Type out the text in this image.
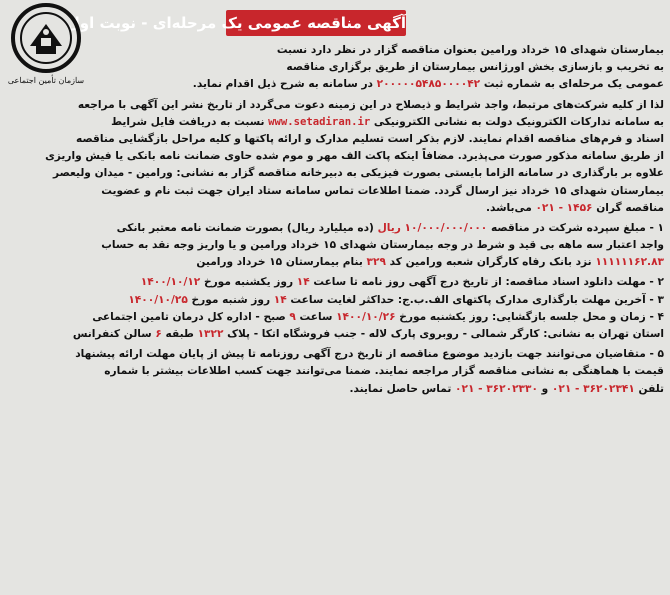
آگهی مناقصه عمومی یک مرحله‌ای - نوبت اول
سازمان تأمین اجتماعی
بیمارستان شهدای ۱۵ خرداد ورامین بعنوان مناقصه گزار در نظر دارد نسبت
به تخریب و بازسازی بخش اورژانس بیمارستان از طریق برگزاری مناقصه
عمومی یک مرحله‌ای به شماره ثبت ۲۰۰۰۰۰۵۴۸۵۰۰۰۰۴۲ در سامانه به شرح ذیل اقدام نماید.
لذا از کلیه شرکت‌های مرتبط، واجد شرایط و ذیصلاح در این زمینه دعوت می‌گردد از تاریخ نشر این آگهی با مراجعه
به سامانه تدارکات الکترونیک دولت به نشانی الکترونیکی www.setadiran.ir نسبت به دریافت فایل شرایط
اسناد و فرم‌های مناقصه اقدام نمایند. لازم بذکر است تسلیم مدارک و ارائه پاکتها و کلیه مراحل بازگشایی مناقصه
از طریق سامانه مذکور صورت می‌پذیرد. مضافاً اینکه پاکت الف مهر و موم شده حاوی ضمانت نامه بانکی یا فیش واریزی
علاوه بر بارگذاری در سامانه الزاما بایستی بصورت فیزیکی به دبیرخانه مناقصه گزار به نشانی: ورامین - میدان ولیعصر
بیمارستان شهدای ۱۵ خرداد نیز ارسال گردد. ضمنا اطلاعات تماس سامانه ستاد ایران جهت ثبت نام و عضویت
مناقصه گران ۱۴۵۶ - ۰۲۱ می‌باشد.
۱ - مبلغ سپرده شرکت در مناقصه ۱۰/۰۰۰/۰۰۰/۰۰۰ ریال (ده میلیارد ریال) بصورت ضمانت نامه معتبر بانکی
واجد اعتبار سه ماهه بی قید و شرط در وجه بیمارستان شهدای ۱۵ خرداد ورامین و یا واریز وجه نقد به حساب
۱۱۱۱۱۱۶۲.۸۳ نزد بانک رفاه کارگران شعبه ورامین کد ۳۲۹ بنام بیمارستان ۱۵ خرداد ورامین
۲ - مهلت دانلود اسناد مناقصه: از تاریخ درج آگهی روز نامه تا ساعت ۱۴ روز یکشنبه مورخ ۱۴۰۰/۱۰/۱۲
۳ - آخرین مهلت بارگذاری مدارک پاکتهای الف.ب.ج: حداکثر لغایت ساعت ۱۴ روز شنبه مورخ ۱۴۰۰/۱۰/۲۵
۴ - زمان و محل جلسه بازگشایی: روز یکشنبه مورخ ۱۴۰۰/۱۰/۲۶ ساعت ۹ صبح - اداره کل درمان تامین اجتماعی
استان تهران به نشانی: کارگر شمالی - روبروی پارک لاله - جنب فروشگاه اتکا - پلاک ۱۳۲۲ طبقه ۶ سالن کنفرانس
۵ - متقاضیان می‌توانند جهت بازدید موضوع مناقصه از تاریخ درج آگهی روزنامه تا پیش از پایان مهلت ارائه پیشنهاد
قیمت با هماهنگی به نشانی مناقصه گزار مراجعه نمایند. ضمنا می‌توانند جهت کسب اطلاعات بیشتر با شماره
تلفن ۳۶۲۰۲۳۴۱ - ۰۲۱ و ۳۶۲۰۲۳۳۰ - ۰۲۱ تماس حاصل نمایند.
